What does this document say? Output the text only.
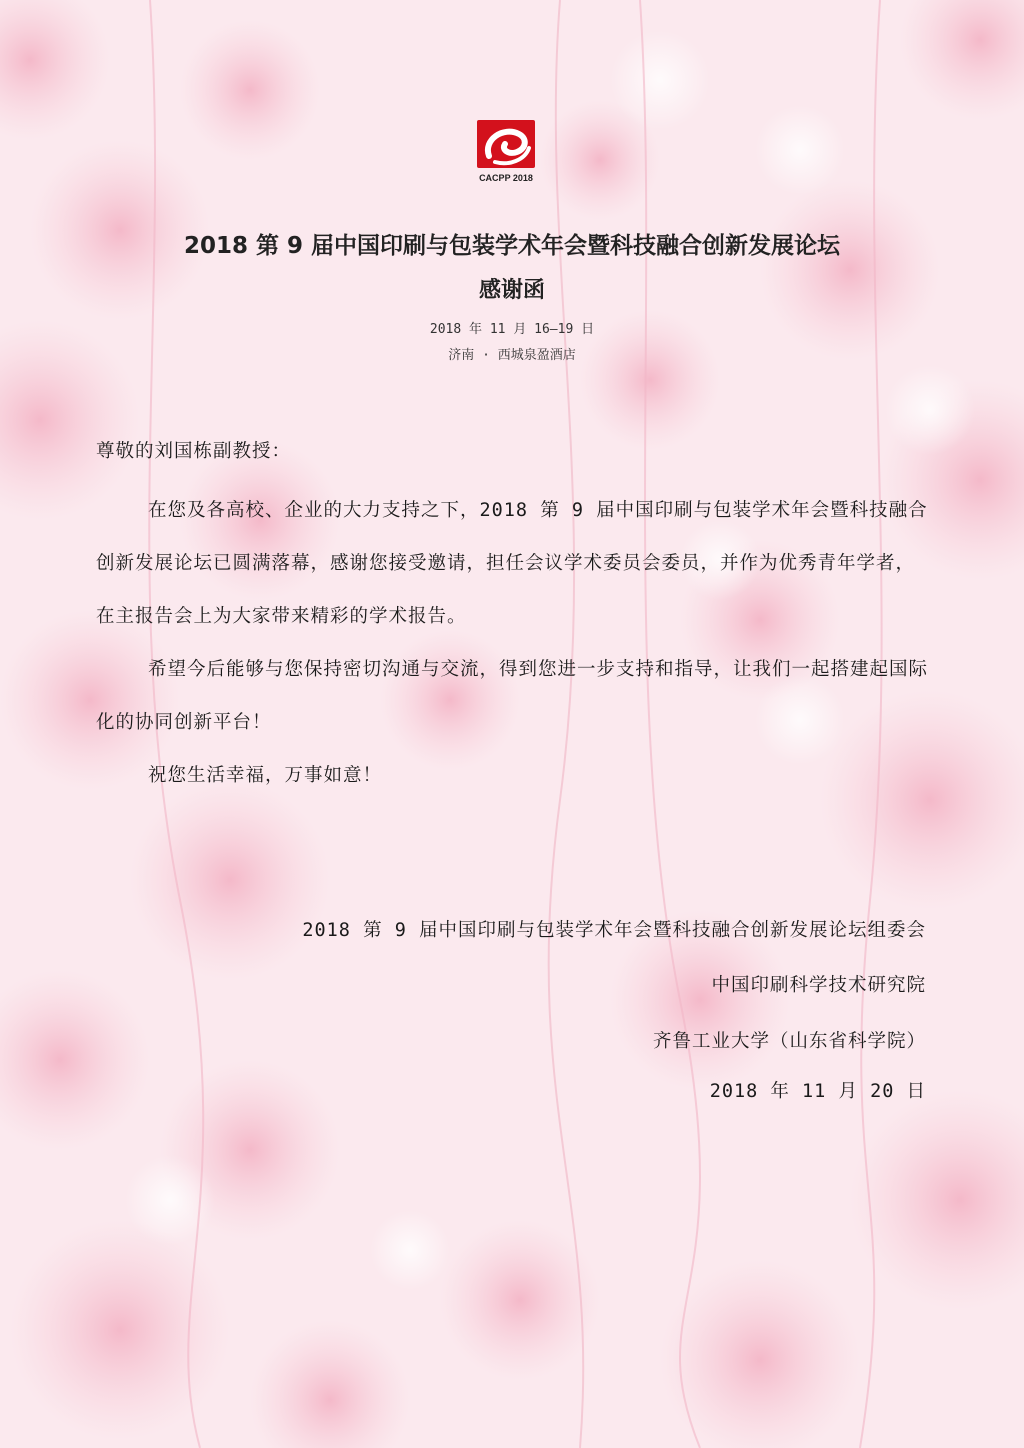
CACPP 2018
2018 第 9 届中国印刷与包装学术年会暨科技融合创新发展论坛
感谢函
2018 年 11 月 16—19 日
济南 · 西城泉盈酒店
尊敬的刘国栋副教授：
在您及各高校、企业的大力支持之下，2018 第 9 届中国印刷与包装学术年会暨科技融合创新发展论坛已圆满落幕，感谢您接受邀请，担任会议学术委员会委员，并作为优秀青年学者，在主报告会上为大家带来精彩的学术报告。
希望今后能够与您保持密切沟通与交流，得到您进一步支持和指导，让我们一起搭建起国际化的协同创新平台！
祝您生活幸福，万事如意！
2018 第 9 届中国印刷与包装学术年会暨科技融合创新发展论坛组委会
中国印刷科学技术研究院
齐鲁工业大学（山东省科学院）
2018 年 11 月 20 日
